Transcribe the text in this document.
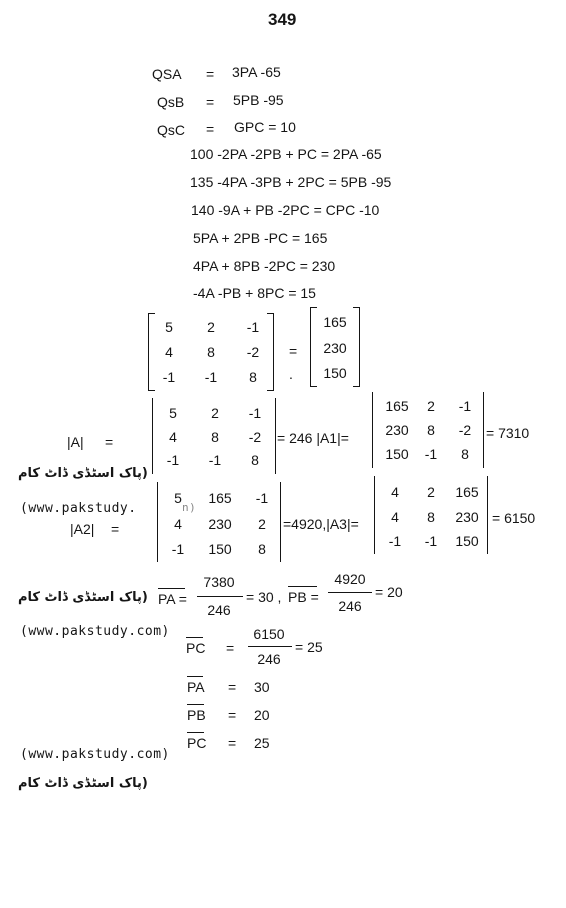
349
QSA = 3PA -65
QsB = 5PB -95
QsC = GPC = 10
100 -2PA -2PB + PC = 2PA -65
135 -4PA -3PB + 2PC = 5PB -95
140 -9A + PB -2PC = CPC -10
5PA + 2PB -PC = 165
4PA + 8PB -2PC = 230
-4A -PB + 8PC = 15
5	2	-1
4	8	-2
-1	-1	8
=
.
165
230
150
|A| =
5	2	-1
4	8	-2
-1	-1	8
= 246 |A1|=
165	2	-1
230	8	-2
150	-1	8
= 7310
(پاک اسٹڈی ڈاٹ کام
(www.pakstudy.	n)
|A2| =
5	165	-1
4	230	2
-1	150	8
=4920,|A3|=
4	2	165
4	8	230
-1	-1	150
= 6150
(پاک اسٹڈی ڈاٹ کام PA =
7380
246
= 30 , PB =
4920
246
= 20
(www.pakstudy.com)
PC =
6150
246
= 25
PA = 30
PB = 20
PC = 25
(www.pakstudy.com)
(پاک اسٹڈی ڈاٹ کام
